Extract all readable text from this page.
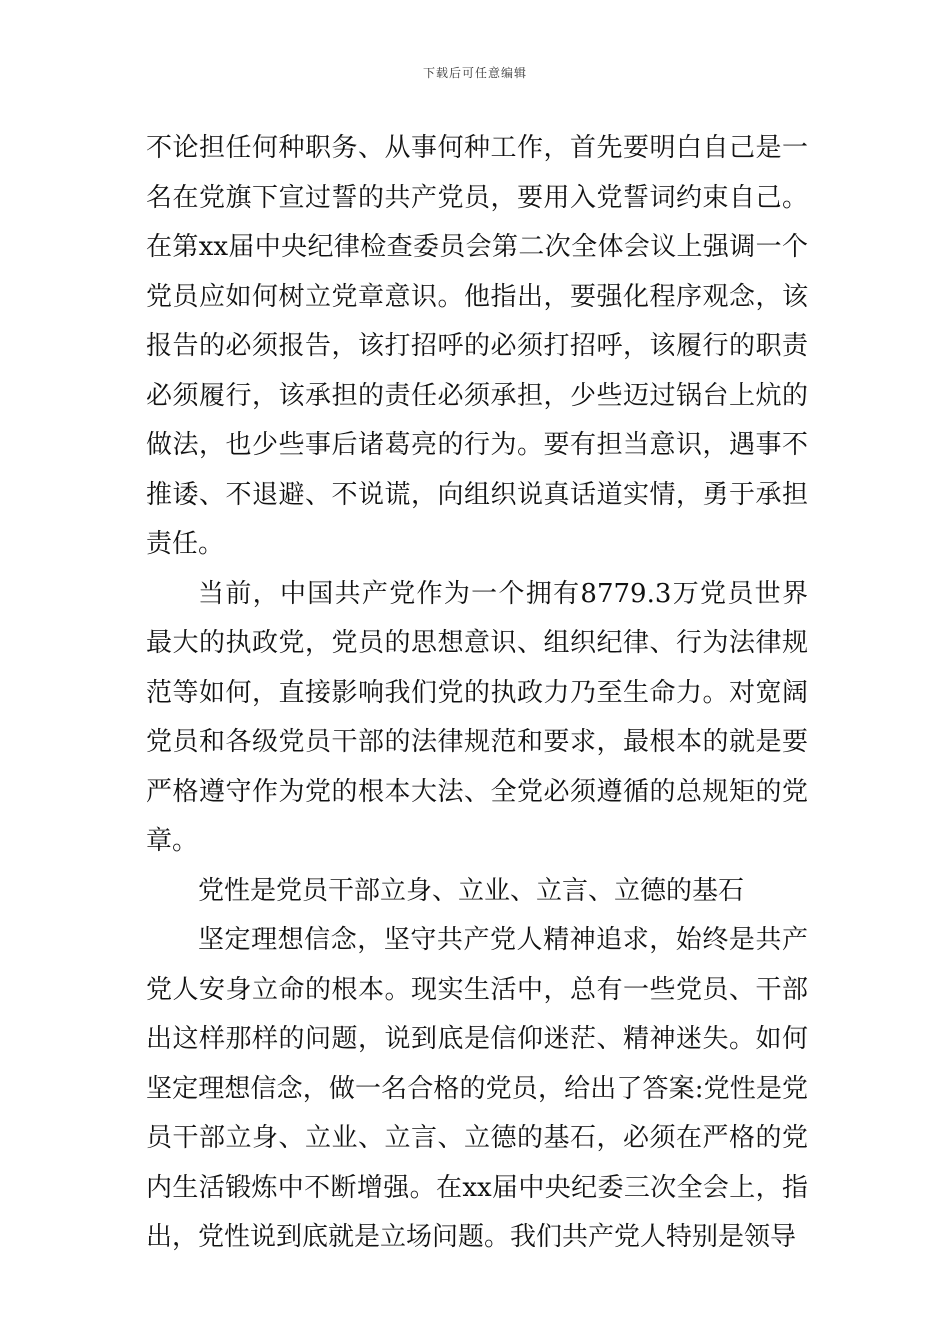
下载后可任意编辑

不论担任何种职务、从事何种工作，首先要明白自己是一名在党旗下宣过誓的共产党员，要用入党誓词约束自己。在第xx届中央纪律检查委员会第二次全体会议上强调一个党员应如何树立党章意识。他指出，要强化程序观念，该报告的必须报告，该打招呼的必须打招呼，该履行的职责必须履行，该承担的责任必须承担，少些迈过锅台上炕的做法，也少些事后诸葛亮的行为。要有担当意识，遇事不推诿、不退避、不说谎，向组织说真话道实情，勇于承担责任。

当前，中国共产党作为一个拥有8779.3万党员世界最大的执政党，党员的思想意识、组织纪律、行为法律规范等如何，直接影响我们党的执政力乃至生命力。对宽阔党员和各级党员干部的法律规范和要求，最根本的就是要严格遵守作为党的根本大法、全党必须遵循的总规矩的党章。

党性是党员干部立身、立业、立言、立德的基石

坚定理想信念，坚守共产党人精神追求，始终是共产党人安身立命的根本。现实生活中，总有一些党员、干部出这样那样的问题，说到底是信仰迷茫、精神迷失。如何坚定理想信念，做一名合格的党员，给出了答案:党性是党员干部立身、立业、立言、立德的基石，必须在严格的党内生活锻炼中不断增强。在xx届中央纪委三次全会上，指出，党性说到底就是立场问题。我们共产党人特别是领导
